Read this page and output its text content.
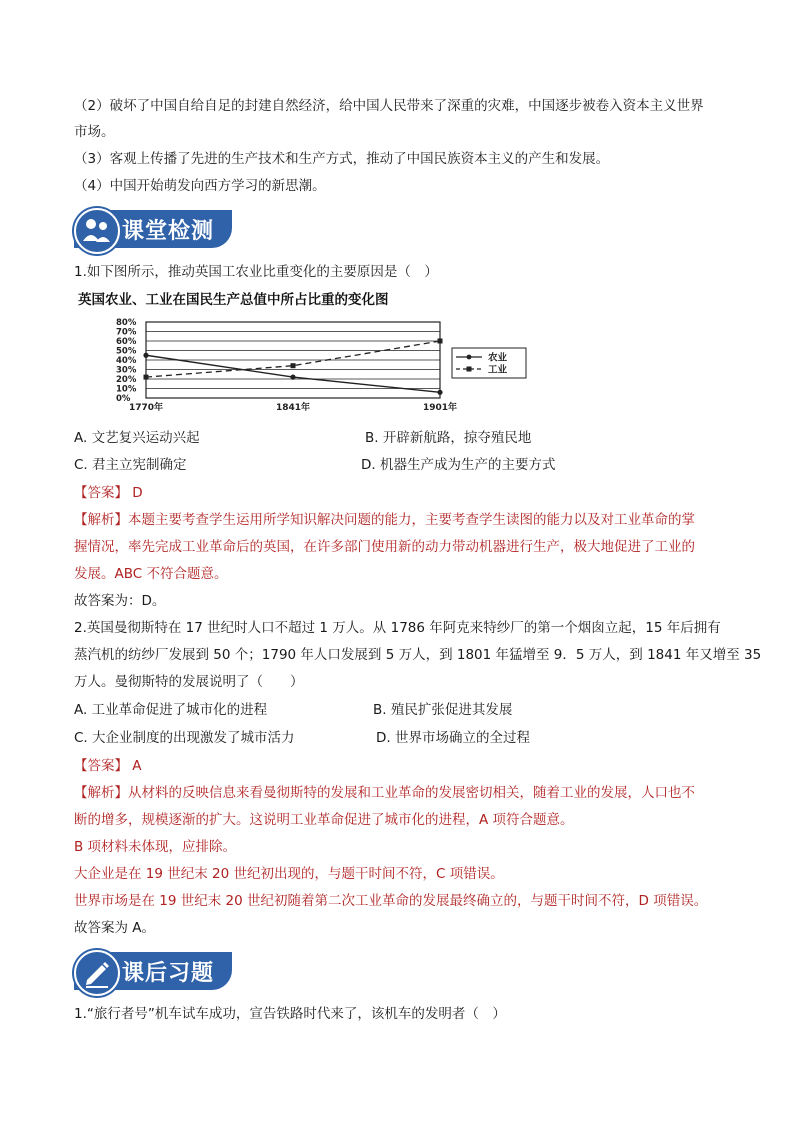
（2）破坏了中国自给自足的封建自然经济，给中国人民带来了深重的灾难，中国逐步被卷入资本主义世界
市场。
（3）客观上传播了先进的生产技术和生产方式，推动了中国民族资本主义的产生和发展。
（4）中国开始萌发向西方学习的新思潮。
课堂检测
1.如下图所示，推动英国工农业比重变化的主要原因是（　）
英国农业、工业在国民生产总值中所占比重的变化图
0%
10%
20%
30%
40%
50%
60%
70%
80%
1770年	1841年	1901年
农业
工业
A. 文艺复兴运动兴起	B. 开辟新航路，掠夺殖民地
C. 君主立宪制确定	D. 机器生产成为生产的主要方式
【答案】 D
【解析】本题主要考查学生运用所学知识解决问题的能力，主要考查学生读图的能力以及对工业革命的掌
握情况，率先完成工业革命后的英国，在许多部门使用新的动力带动机器进行生产，极大地促进了工业的
发展。ABC 不符合题意。
故答案为：D。
2.英国曼彻斯特在 17 世纪时人口不超过 1 万人。从 1786 年阿克来特纱厂的第一个烟囱立起，15 年后拥有
蒸汽机的纺纱厂发展到 50 个；1790 年人口发展到 5 万人，到 1801 年猛增至 9．5 万人，到 1841 年又增至 35
万人。曼彻斯特的发展说明了（　　）
A. 工业革命促进了城市化的进程	B. 殖民扩张促进其发展
C. 大企业制度的出现激发了城市活力	D. 世界市场确立的全过程
【答案】 A
【解析】从材料的反映信息来看曼彻斯特的发展和工业革命的发展密切相关，随着工业的发展，人口也不
断的增多，规模逐渐的扩大。这说明工业革命促进了城市化的进程，A 项符合题意。
B 项材料未体现，应排除。
大企业是在 19 世纪末 20 世纪初出现的，与题干时间不符，C 项错误。
世界市场是在 19 世纪末 20 世纪初随着第二次工业革命的发展最终确立的，与题干时间不符，D 项错误。
故答案为 A。
课后习题
1.“旅行者号”机车试车成功，宣告铁路时代来了，该机车的发明者（　）
